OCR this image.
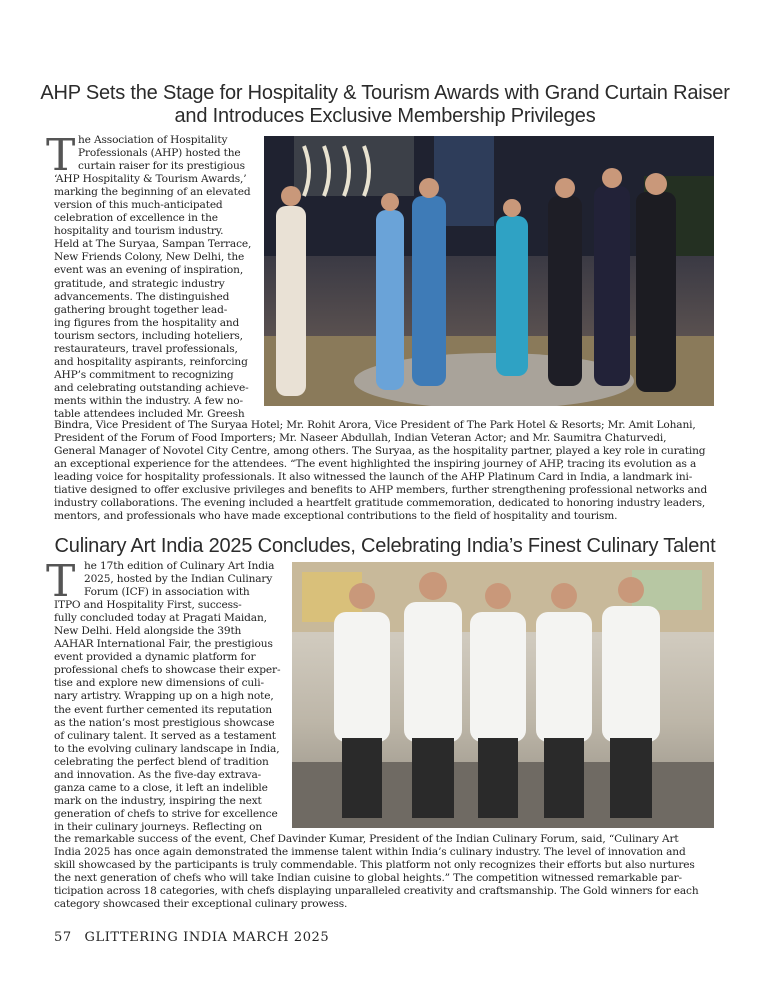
AHP Sets the Stage for Hospitality & Tourism Awards with Grand Curtain Raiser and Introduces Exclusive Membership Privileges
T he Association of Hospitality
Professionals (AHP) hosted the
curtain raiser for its prestigious
‘AHP Hospitality & Tourism Awards,’
marking the beginning of an elevated
version of this much-anticipated
celebration of excellence in the
hospitality and tourism industry.
Held at The Suryaa, Sampan Terrace,
New Friends Colony, New Delhi, the
event was an evening of inspiration,
gratitude, and strategic industry
advancements. The distinguished
gathering brought together lead-
ing figures from the hospitality and
tourism sectors, including hoteliers,
restaurateurs, travel professionals,
and hospitality aspirants, reinforcing
AHP’s commitment to recognizing
and celebrating outstanding achieve-
ments within the industry. A few no-
table attendees included Mr. Greesh

Bindra, Vice President of The Suryaa Hotel; Mr. Rohit Arora, Vice President of The Park Hotel & Resorts; Mr. Amit Lohani,
President of the Forum of Food Importers; Mr. Naseer Abdullah, Indian Veteran Actor; and Mr. Saumitra Chaturvedi,
General Manager of Novotel City Centre, among others. The Suryaa, as the hospitality partner, played a key role in curating
an exceptional experience for the attendees. “The event highlighted the inspiring journey of AHP, tracing its evolution as a
leading voice for hospitality professionals. It also witnessed the launch of the AHP Platinum Card in India, a landmark ini-
tiative designed to offer exclusive privileges and benefits to AHP members, further strengthening professional networks and
industry collaborations. The evening included a heartfelt gratitude commemoration, dedicated to honoring industry leaders,
mentors, and professionals who have made exceptional contributions to the field of hospitality and tourism.

Culinary Art India 2025 Concludes, Celebrating India’s Finest Culinary Talent
T he 17th edition of Culinary Art India
2025, hosted by the Indian Culinary
Forum (ICF) in association with
ITPO and Hospitality First, success-
fully concluded today at Pragati Maidan,
New Delhi. Held alongside the 39th
AAHAR International Fair, the prestigious
event provided a dynamic platform for
professional chefs to showcase their exper-
tise and explore new dimensions of culi-
nary artistry. Wrapping up on a high note,
the event further cemented its reputation
as the nation’s most prestigious showcase
of culinary talent. It served as a testament
to the evolving culinary landscape in India,
celebrating the perfect blend of tradition
and innovation. As the five-day extrava-
ganza came to a close, it left an indelible
mark on the industry, inspiring the next
generation of chefs to strive for excellence
in their culinary journeys. Reflecting on

the remarkable success of the event, Chef Davinder Kumar, President of the Indian Culinary Forum, said, “Culinary Art
India 2025 has once again demonstrated the immense talent within India’s culinary industry. The level of innovation and
skill showcased by the participants is truly commendable. This platform not only recognizes their efforts but also nurtures
the next generation of chefs who will take Indian cuisine to global heights.” The competition witnessed remarkable par-
ticipation across 18 categories, with chefs displaying unparalleled creativity and craftsmanship. The Gold winners for each
category showcased their exceptional culinary prowess.

57 GLITTERING INDIA MARCH 2025
